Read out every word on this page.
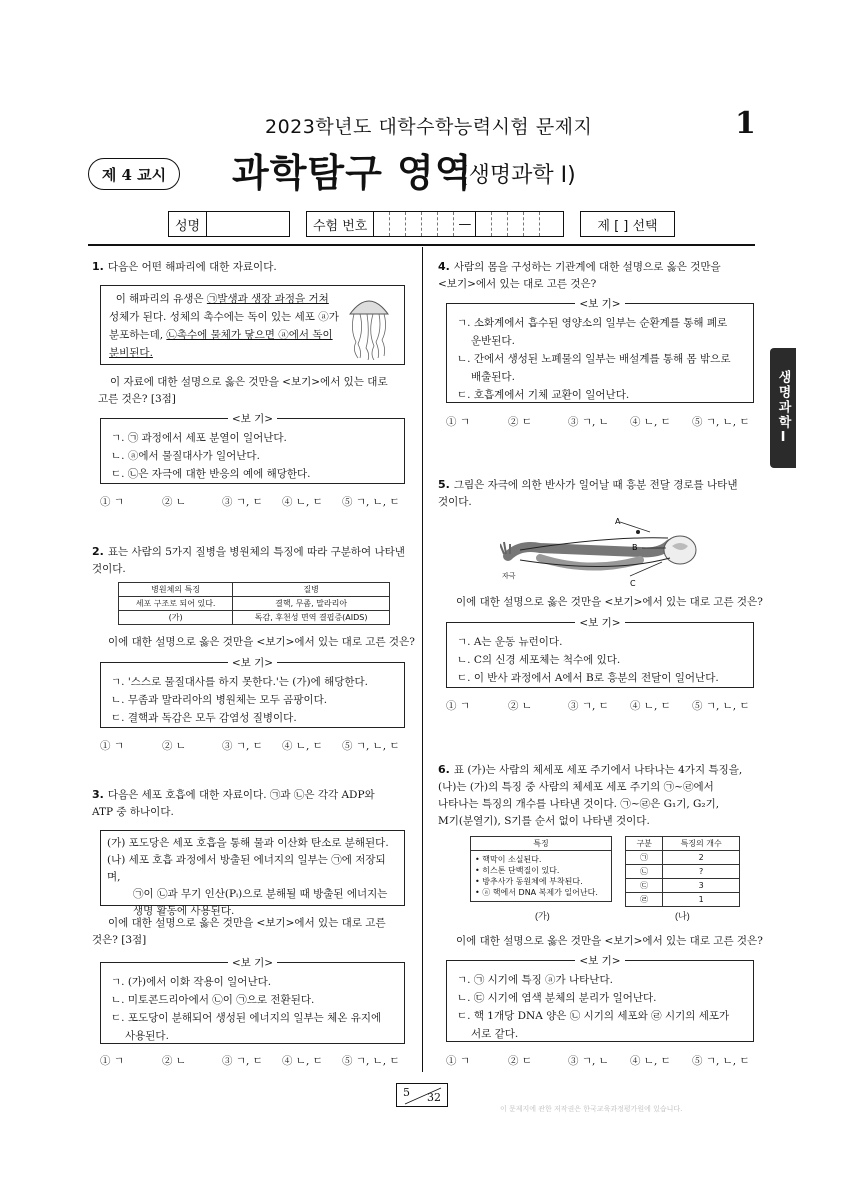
2023학년도 대학수학능력시험 문제지	1
제 4 교시	과학탐구 영역
(생명과학 Ⅰ)
성명	수험 번호	—	제 [ ] 선택
생명과학Ⅰ
1. 다음은 어떤 해파리에 대한 자료이다.
이 해파리의 유생은 ㉠발생과 생장 과정을 거쳐
성체가 된다. 성체의 촉수에는 독이 있는 세포 ⓐ가
분포하는데, ㉡촉수에 물체가 닿으면 ⓐ에서 독이
분비된다.
이 자료에 대한 설명으로 옳은 것만을 <보기>에서 있는 대로
고른 것은? [3점]
<보 기>
ㄱ. ㉠ 과정에서 세포 분열이 일어난다.
ㄴ. ⓐ에서 물질대사가 일어난다.
ㄷ. ㉡은 자극에 대한 반응의 예에 해당한다.
① ㄱ	② ㄴ	③ ㄱ, ㄷ	④ ㄴ, ㄷ	⑤ ㄱ, ㄴ, ㄷ
2. 표는 사람의 5가지 질병을 병원체의 특징에 따라 구분하여 나타낸
것이다.
병원체의 특징	질병
세포 구조로 되어 있다.	결핵, 무좀, 말라리아
(가)	독감, 후천성 면역 결핍증(AIDS)
이에 대한 설명으로 옳은 것만을 <보기>에서 있는 대로 고른 것은?
<보 기>
ㄱ. '스스로 물질대사를 하지 못한다.'는 (가)에 해당한다.
ㄴ. 무좀과 말라리아의 병원체는 모두 곰팡이다.
ㄷ. 결핵과 독감은 모두 감염성 질병이다.
① ㄱ	② ㄴ	③ ㄱ, ㄷ	④ ㄴ, ㄷ	⑤ ㄱ, ㄴ, ㄷ
3. 다음은 세포 호흡에 대한 자료이다. ㉠과 ㉡은 각각 ADP와
ATP 중 하나이다.
(가) 포도당은 세포 호흡을 통해 물과 이산화 탄소로 분해된다.
(나) 세포 호흡 과정에서 방출된 에너지의 일부는 ㉠에 저장되며,
㉠이 ㉡과 무기 인산(Pᵢ)으로 분해될 때 방출된 에너지는
생명 활동에 사용된다.
이에 대한 설명으로 옳은 것만을 <보기>에서 있는 대로 고른
것은? [3점]
<보 기>
ㄱ. (가)에서 이화 작용이 일어난다.
ㄴ. 미토콘드리아에서 ㉡이 ㉠으로 전환된다.
ㄷ. 포도당이 분해되어 생성된 에너지의 일부는 체온 유지에
사용된다.
① ㄱ	② ㄴ	③ ㄱ, ㄷ	④ ㄴ, ㄷ	⑤ ㄱ, ㄴ, ㄷ
4. 사람의 몸을 구성하는 기관계에 대한 설명으로 옳은 것만을
<보기>에서 있는 대로 고른 것은?
<보 기>
ㄱ. 소화계에서 흡수된 영양소의 일부는 순환계를 통해 폐로
운반된다.
ㄴ. 간에서 생성된 노폐물의 일부는 배설계를 통해 몸 밖으로
배출된다.
ㄷ. 호흡계에서 기체 교환이 일어난다.
① ㄱ	② ㄷ	③ ㄱ, ㄴ	④ ㄴ, ㄷ	⑤ ㄱ, ㄴ, ㄷ
5. 그림은 자극에 의한 반사가 일어날 때 흥분 전달 경로를 나타낸
것이다.
A
B
C
자극
이에 대한 설명으로 옳은 것만을 <보기>에서 있는 대로 고른 것은?
<보 기>
ㄱ. A는 운동 뉴런이다.
ㄴ. C의 신경 세포체는 척수에 있다.
ㄷ. 이 반사 과정에서 A에서 B로 흥분의 전달이 일어난다.
① ㄱ	② ㄴ	③ ㄱ, ㄷ	④ ㄴ, ㄷ	⑤ ㄱ, ㄴ, ㄷ
6. 표 (가)는 사람의 체세포 세포 주기에서 나타나는 4가지 특징을,
(나)는 (가)의 특징 중 사람의 체세포 세포 주기의 ㉠~㉣에서
나타나는 특징의 개수를 나타낸 것이다. ㉠~㉣은 G₁기, G₂기,
M기(분열기), S기를 순서 없이 나타낸 것이다.
특징

• 핵막이 소실된다.
• 히스톤 단백질이 있다.
• 방추사가 동원체에 부착된다.
• ⓐ 핵에서 DNA 복제가 일어난다.
(가)
구분	특징의 개수
㉠	2
㉡	?
㉢	3
㉣	1
(나)
이에 대한 설명으로 옳은 것만을 <보기>에서 있는 대로 고른 것은?
<보 기>
ㄱ. ㉠ 시기에 특징 ⓐ가 나타난다.
ㄴ. ㉢ 시기에 염색 분체의 분리가 일어난다.
ㄷ. 핵 1개당 DNA 양은 ㉡ 시기의 세포와 ㉣ 시기의 세포가
서로 같다.
① ㄱ	② ㄷ	③ ㄱ, ㄴ	④ ㄴ, ㄷ	⑤ ㄱ, ㄴ, ㄷ
5 32
이 문제지에 관한 저작권은 한국교육과정평가원에 있습니다.
